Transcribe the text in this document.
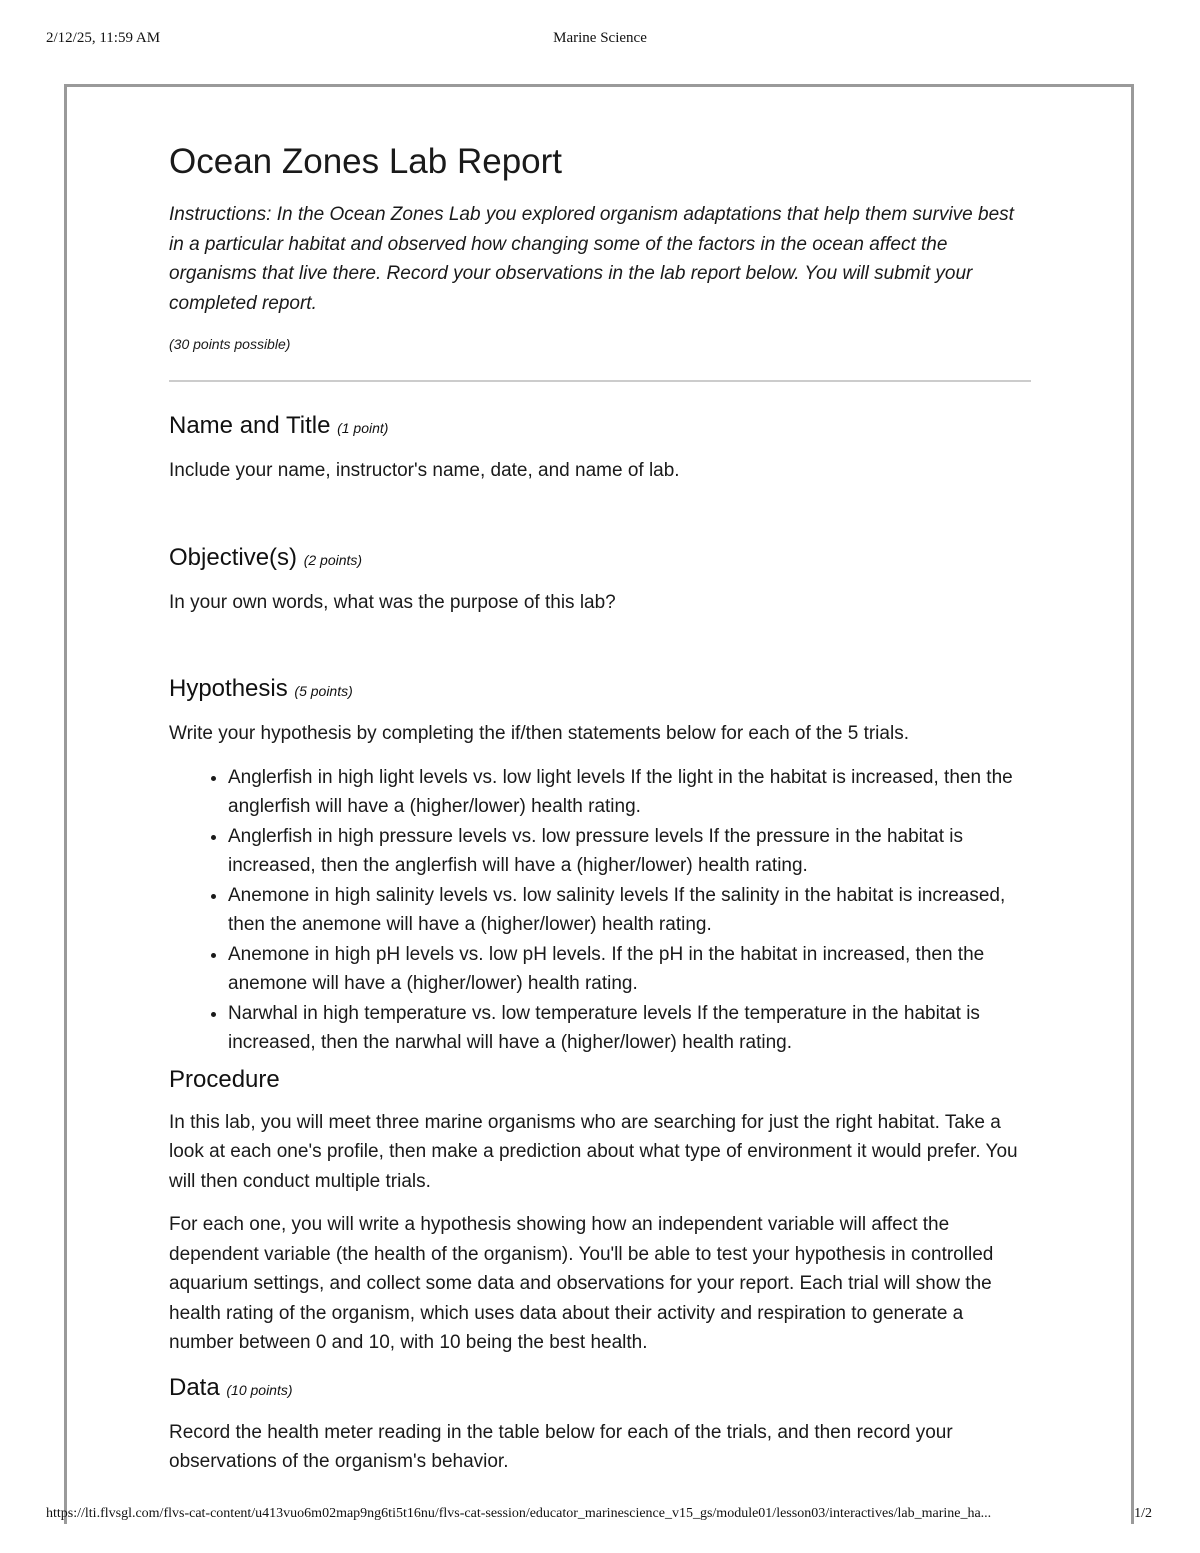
2/12/25, 11:59 AM	Marine Science
Ocean Zones Lab Report

Instructions: In the Ocean Zones Lab you explored organism adaptations that help them survive best in a particular habitat and observed how changing some of the factors in the ocean affect the organisms that live there. Record your observations in the lab report below. You will submit your completed report.

(30 points possible)

Name and Title (1 point)

Include your name, instructor's name, date, and name of lab.

Objective(s) (2 points)

In your own words, what was the purpose of this lab?

Hypothesis (5 points)

Write your hypothesis by completing the if/then statements below for each of the 5 trials.

• Anglerfish in high light levels vs. low light levels If the light in the habitat is increased, then the anglerfish will have a (higher/lower) health rating.
• Anglerfish in high pressure levels vs. low pressure levels If the pressure in the habitat is increased, then the anglerfish will have a (higher/lower) health rating.
• Anemone in high salinity levels vs. low salinity levels If the salinity in the habitat is increased, then the anemone will have a (higher/lower) health rating.
• Anemone in high pH levels vs. low pH levels. If the pH in the habitat in increased, then the anemone will have a (higher/lower) health rating.
• Narwhal in high temperature vs. low temperature levels If the temperature in the habitat is increased, then the narwhal will have a (higher/lower) health rating.
Procedure

In this lab, you will meet three marine organisms who are searching for just the right habitat. Take a look at each one's profile, then make a prediction about what type of environment it would prefer. You will then conduct multiple trials.

For each one, you will write a hypothesis showing how an independent variable will affect the dependent variable (the health of the organism). You'll be able to test your hypothesis in controlled aquarium settings, and collect some data and observations for your report. Each trial will show the health rating of the organism, which uses data about their activity and respiration to generate a number between 0 and 10, with 10 being the best health.

Data (10 points)

Record the health meter reading in the table below for each of the trials, and then record your observations of the organism's behavior.

https://lti.flvsgl.com/flvs-cat-content/u413vuo6m02map9ng6ti5t16nu/flvs-cat-session/educator_marinescience_v15_gs/module01/lesson03/interactives/lab_marine_ha...	1/2
